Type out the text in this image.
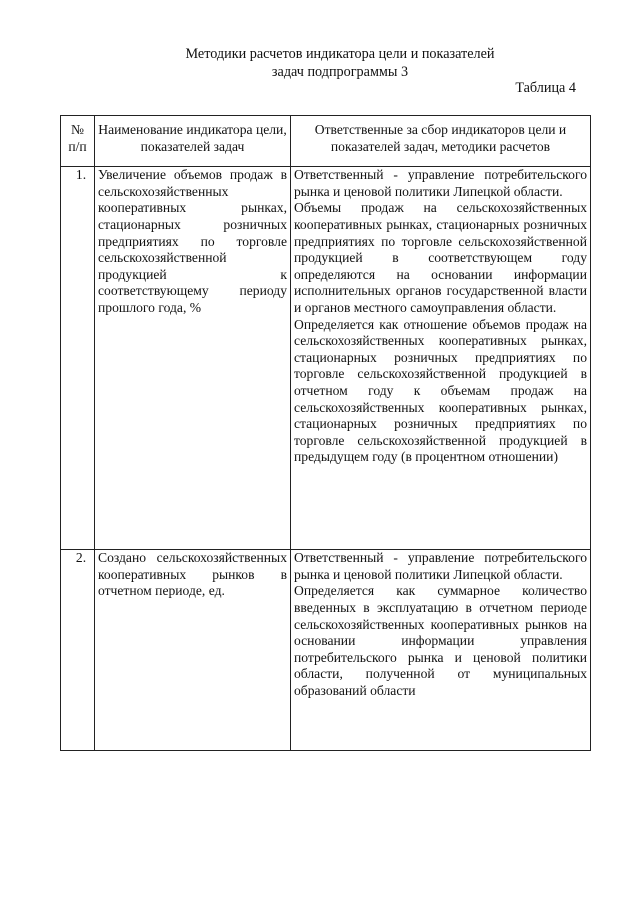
Методики расчетов индикатора цели и показателей
задач подпрограммы 3
Таблица 4
№ п/п	Наименование индикатора цели, показателей задач	Ответственные за сбор индикаторов цели и показателей задач, методики расчетов
1.	Увеличение объемов продаж в сельскохозяйственных кооперативных рынках, стационарных розничных предприятиях по торговле сельскохозяйственной продукцией к соответствующему периоду прошлого года, %	Ответственный - управление потребительского рынка и ценовой политики Липецкой области.

Объемы продаж на сельскохозяйственных кооперативных рынках, стационарных розничных предприятиях по торговле сельскохозяйственной продукцией в соответствующем году определяются на основании информации исполнительных органов государственной власти и органов местного самоуправления области.

Определяется как отношение объемов продаж на сельскохозяйственных кооперативных рынках, стационарных розничных предприятиях по торговле сельскохозяйственной продукцией в отчетном году к объемам продаж на сельскохозяйственных кооперативных рынках, стационарных розничных предприятиях по торговле сельскохозяйственной продукцией в предыдущем году (в процентном отношении)

2.	Создано сельскохозяйственных кооперативных рынков в отчетном периоде, ед.	Ответственный - управление потребительского рынка и ценовой политики Липецкой области.

Определяется как суммарное количество введенных в эксплуатацию в отчетном периоде сельскохозяйственных кооперативных рынков на основании информации управления потребительского рынка и ценовой политики области, полученной от муниципальных образований области
